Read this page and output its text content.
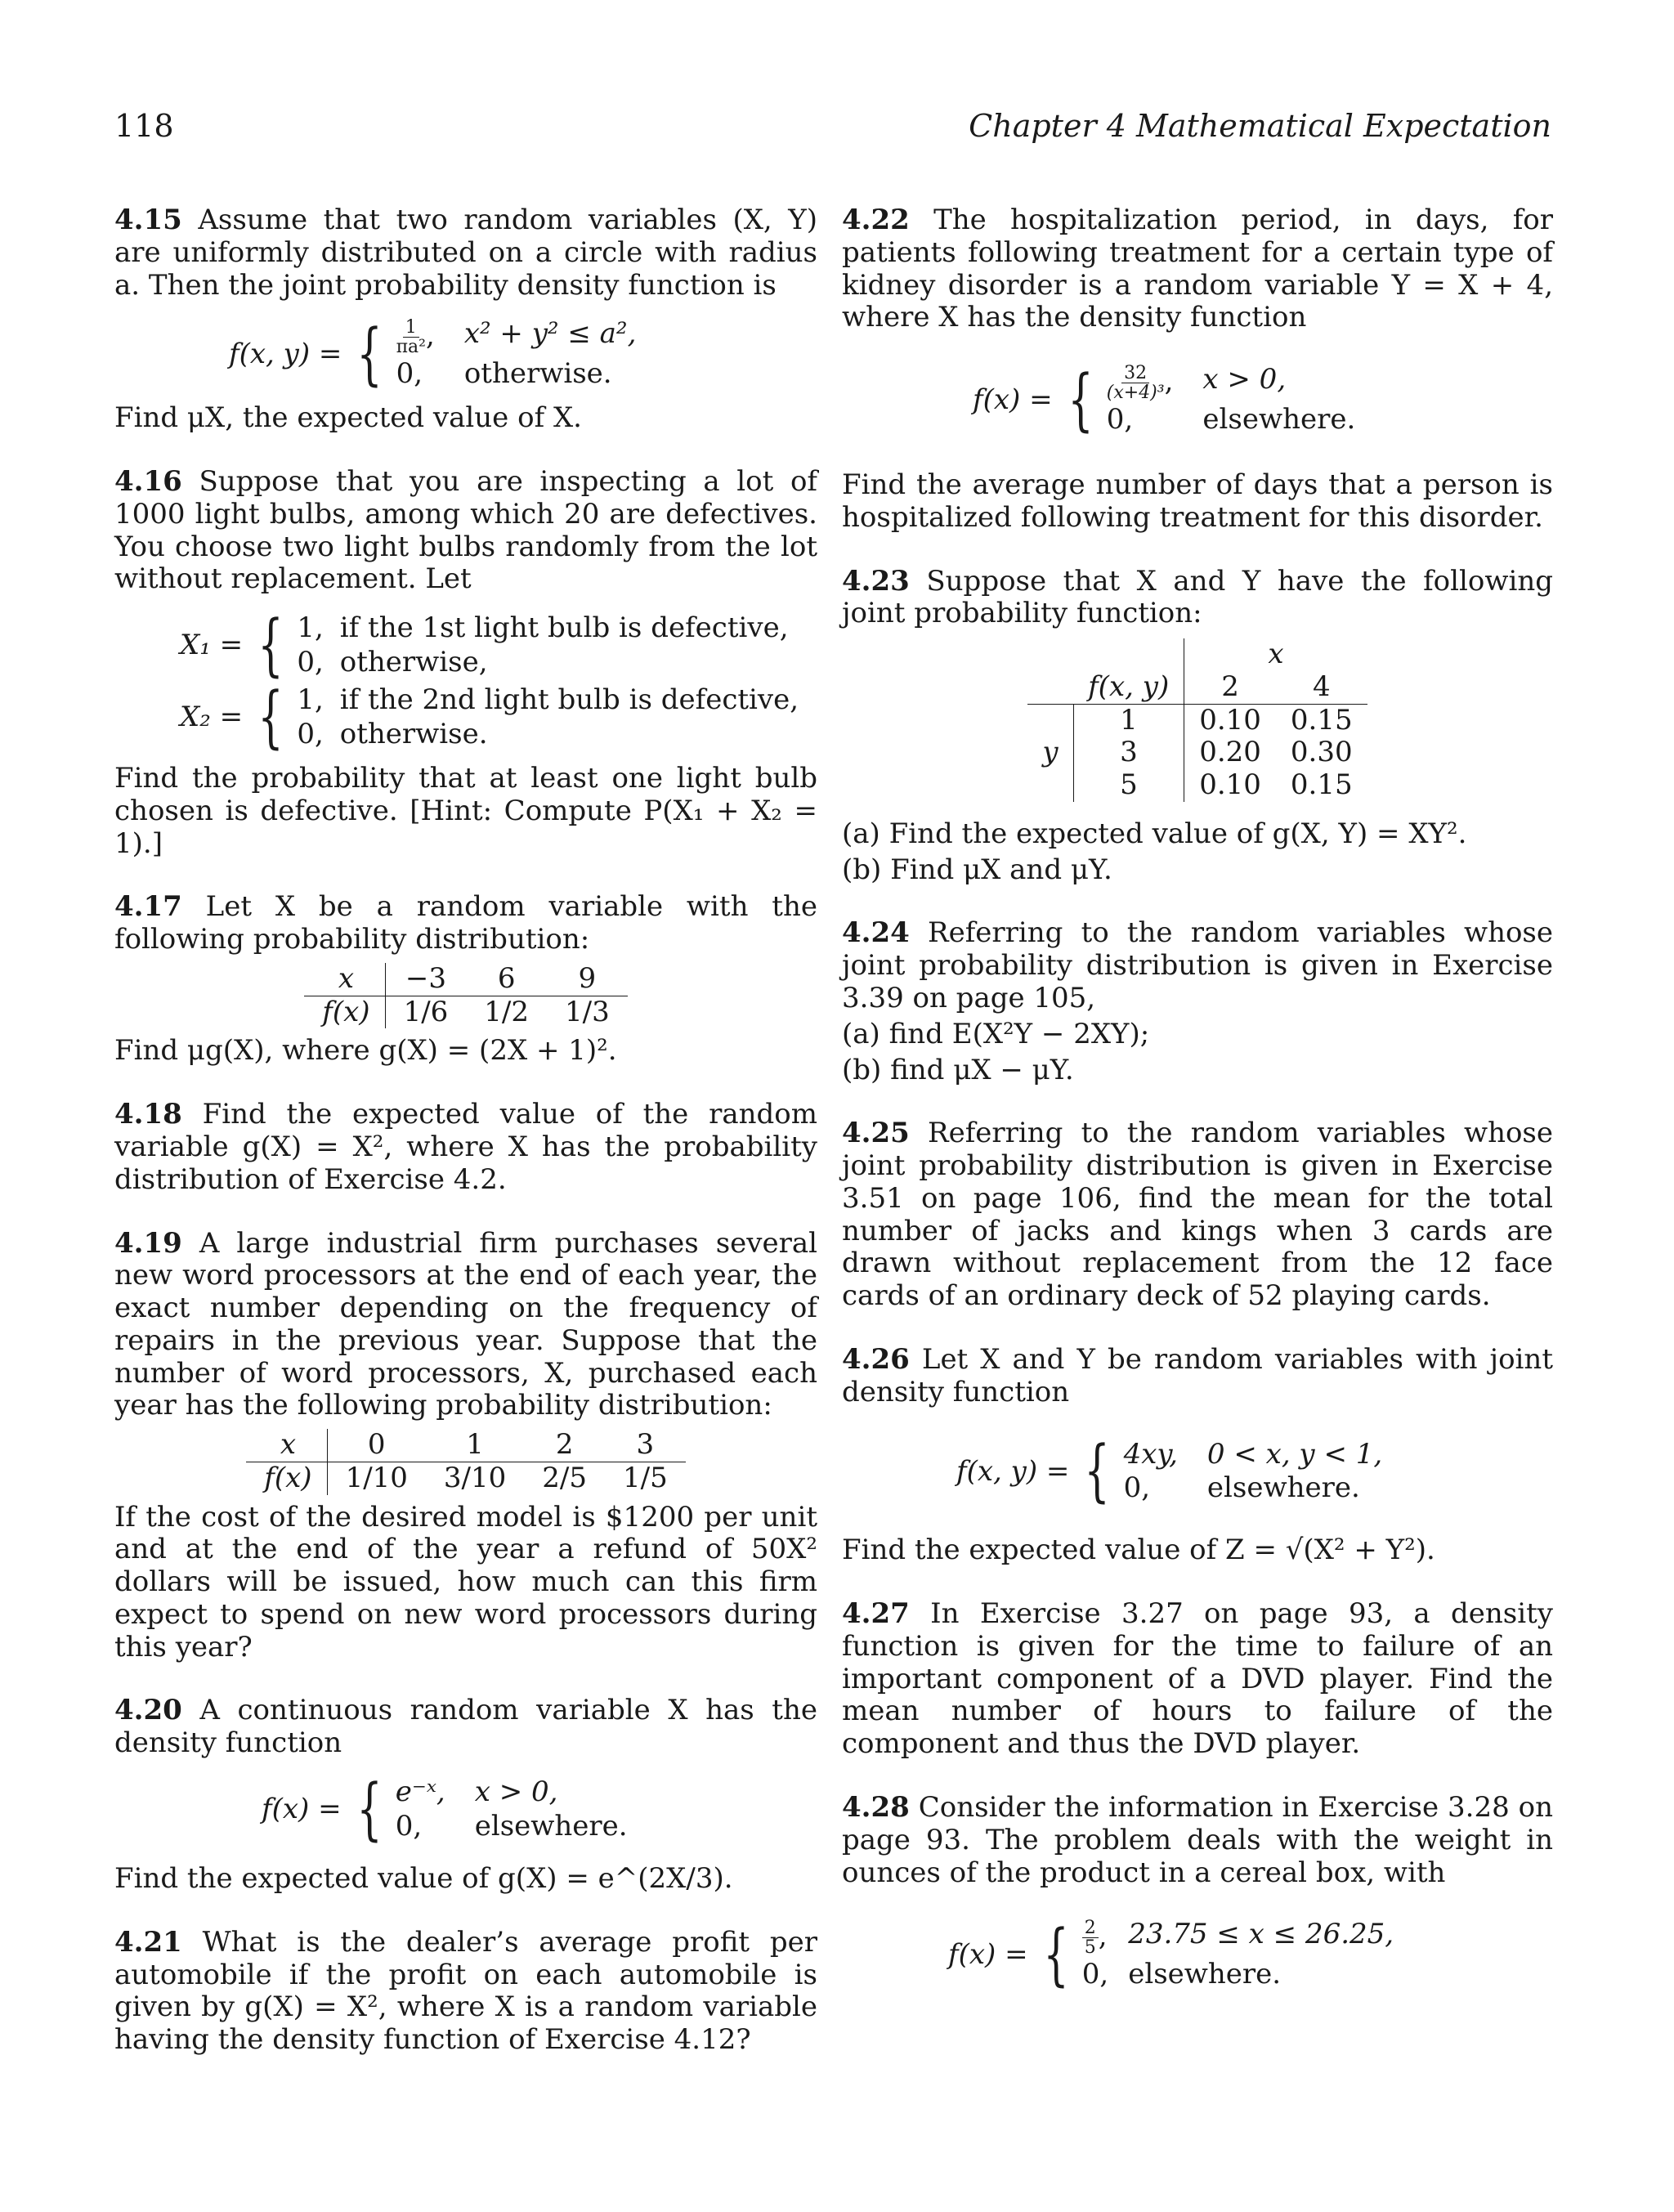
118	Chapter 4 Mathematical Expectation

4.15 Assume that two random variables (X, Y) are uniformly distributed on a circle with radius a. Then the joint probability density function is

f(x, y) = { $\frac{1}{\text{πa²}}$ , x² + y² ≤ a²,
0,	otherwise.

Find μX, the expected value of X.

4.16 Suppose that you are inspecting a lot of 1000 light bulbs, among which 20 are defectives. You choose two light bulbs randomly from the lot without replacement. Let

X₁ = { 1, if the 1st light bulb is defective,
0, otherwise,
X₂ = { 1, if the 2nd light bulb is defective,
0, otherwise.

Find the probability that at least one light bulb chosen is defective. [Hint: Compute P(X₁ + X₂ = 1).]

4.17 Let X be a random variable with the following probability distribution:

x	−3	6	9
f(x)	1/6	1/2	1/3

Find μg(X), where g(X) = (2X + 1)².

4.18 Find the expected value of the random variable g(X) = X², where X has the probability distribution of Exercise 4.2.

4.19 A large industrial firm purchases several new word processors at the end of each year, the exact number depending on the frequency of repairs in the previous year. Suppose that the number of word processors, X, purchased each year has the following probability distribution:

x	0	1	2	3
f(x)	1/10	3/10	2/5	1/5

If the cost of the desired model is $1200 per unit and at the end of the year a refund of 50X² dollars will be issued, how much can this firm expect to spend on new word processors during this year?

4.20 A continuous random variable X has the density function

f(x) = { e⁻ˣ, x > 0,
0,	elsewhere.

Find the expected value of g(X) = e^(2X/3).

4.21 What is the dealer’s average profit per automobile if the profit on each automobile is given by g(X) = X², where X is a random variable having the density function of Exercise 4.12?

4.22 The hospitalization period, in days, for patients following treatment for a certain type of kidney disorder is a random variable Y = X + 4, where X has the density function

f(x) = { $\frac{32}{\text{(x+4)³}}$ , x > 0,
0,	elsewhere.

Find the average number of days that a person is hospitalized following treatment for this disorder.

4.23 Suppose that X and Y have the following joint probability function:

		x	
	f(x, y)	2	4
	1	0.10	0.15
y	3	0.20	0.30
	5	0.10	0.15

(a) Find the expected value of g(X, Y) = XY².

(b) Find μX and μY.

4.24 Referring to the random variables whose joint probability distribution is given in Exercise 3.39 on page 105,

(a) find E(X²Y − 2XY);

(b) find μX − μY.

4.25 Referring to the random variables whose joint probability distribution is given in Exercise 3.51 on page 106, find the mean for the total number of jacks and kings when 3 cards are drawn without replacement from the 12 face cards of an ordinary deck of 52 playing cards.

4.26 Let X and Y be random variables with joint density function

f(x, y) = { 4xy, 0 < x, y < 1,
0,	elsewhere.

Find the expected value of Z = √(X² + Y²).

4.27 In Exercise 3.27 on page 93, a density function is given for the time to failure of an important component of a DVD player. Find the mean number of hours to failure of the component and thus the DVD player.

4.28 Consider the information in Exercise 3.28 on page 93. The problem deals with the weight in ounces of the product in a cereal box, with

f(x) = { $\frac{2}{5}$ , 23.75 ≤ x ≤ 26.25,
0, elsewhere.
